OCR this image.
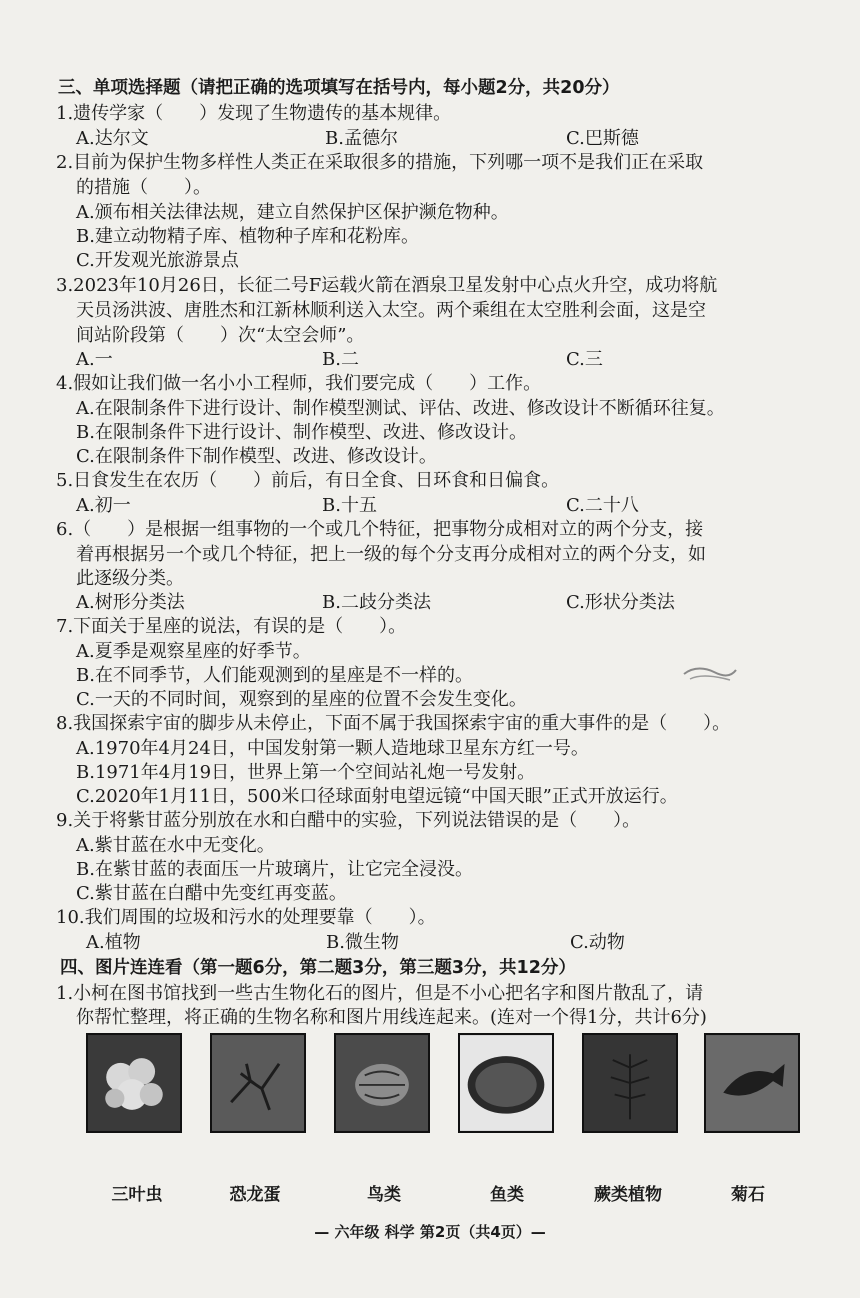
三、单项选择题（请把正确的选项填写在括号内，每小题2分，共20分）
1.遗传学家（　　）发现了生物遗传的基本规律。
A.达尔文	B.孟德尔	C.巴斯德
2.目前为保护生物多样性人类正在采取很多的措施，下列哪一项不是我们正在采取
的措施（　　）。
A.颁布相关法律法规，建立自然保护区保护濒危物种。
B.建立动物精子库、植物种子库和花粉库。
C.开发观光旅游景点
3.2023年10月26日，长征二号F运载火箭在酒泉卫星发射中心点火升空，成功将航
天员汤洪波、唐胜杰和江新林顺利送入太空。两个乘组在太空胜利会面，这是空
间站阶段第（　　）次“太空会师”。
A.一	B.二	C.三
4.假如让我们做一名小小工程师，我们要完成（　　）工作。
A.在限制条件下进行设计、制作模型测试、评估、改进、修改设计不断循环往复。
B.在限制条件下进行设计、制作模型、改进、修改设计。
C.在限制条件下制作模型、改进、修改设计。
5.日食发生在农历（　　）前后，有日全食、日环食和日偏食。
A.初一	B.十五	C.二十八
6.（　　）是根据一组事物的一个或几个特征，把事物分成相对立的两个分支，接
着再根据另一个或几个特征，把上一级的每个分支再分成相对立的两个分支，如
此逐级分类。
A.树形分类法	B.二歧分类法	C.形状分类法
7.下面关于星座的说法，有误的是（　　）。
A.夏季是观察星座的好季节。
B.在不同季节，人们能观测到的星座是不一样的。
C.一天的不同时间，观察到的星座的位置不会发生变化。
8.我国探索宇宙的脚步从未停止，下面不属于我国探索宇宙的重大事件的是（　　）。
A.1970年4月24日，中国发射第一颗人造地球卫星东方红一号。
B.1971年4月19日，世界上第一个空间站礼炮一号发射。
C.2020年1月11日，500米口径球面射电望远镜“中国天眼”正式开放运行。
9.关于将紫甘蓝分别放在水和白醋中的实验，下列说法错误的是（　　）。
A.紫甘蓝在水中无变化。
B.在紫甘蓝的表面压一片玻璃片，让它完全浸没。
C.紫甘蓝在白醋中先变红再变蓝。
10.我们周围的垃圾和污水的处理要靠（　　）。
A.植物	B.微生物	C.动物
四、图片连连看（第一题6分，第二题3分，第三题3分，共12分）
1.小柯在图书馆找到一些古生物化石的图片，但是不小心把名字和图片散乱了，请
你帮忙整理，将正确的生物名称和图片用线连起来。(连对一个得1分，共计6分)
三叶虫	恐龙蛋	鸟类	鱼类	蕨类植物	菊石
— 六年级 科学 第2页（共4页）—
